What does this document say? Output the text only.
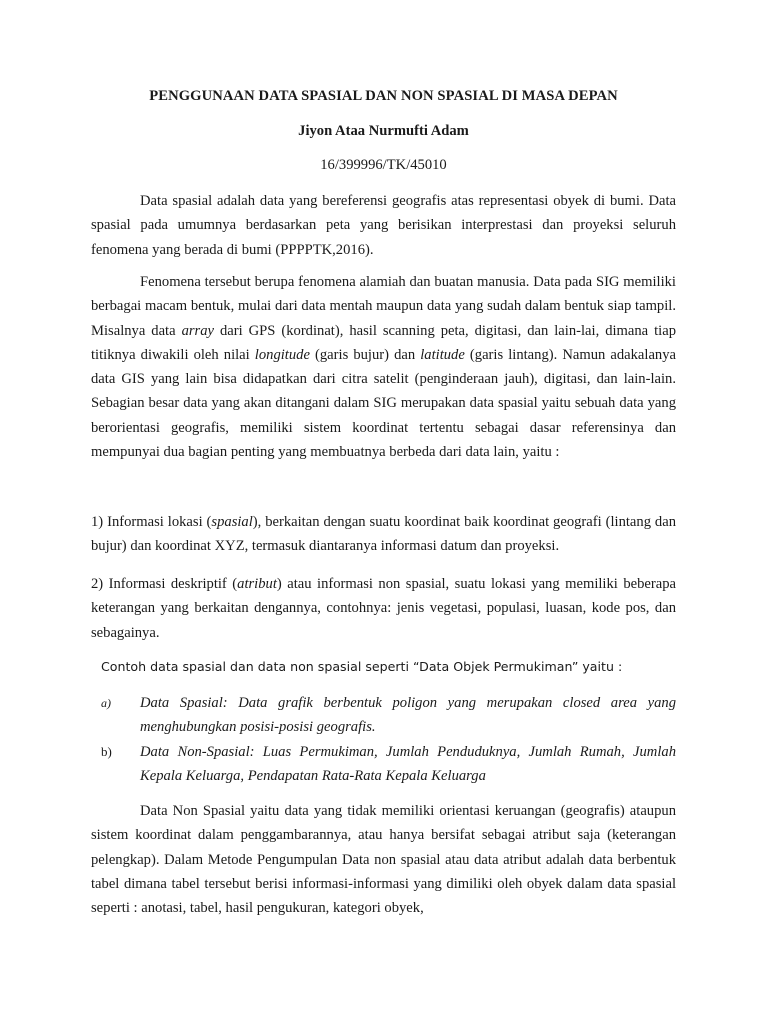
PENGGUNAAN DATA SPASIAL DAN NON SPASIAL DI MASA DEPAN
Jiyon Ataa Nurmufti Adam
16/399996/TK/45010

Data spasial adalah data yang bereferensi geografis atas representasi obyek di bumi. Data spasial pada umumnya berdasarkan peta yang berisikan interprestasi dan proyeksi seluruh fenomena yang berada di bumi (PPPPTK,2016).

Fenomena tersebut berupa fenomena alamiah dan buatan manusia. Data pada SIG memiliki berbagai macam bentuk, mulai dari data mentah maupun data yang sudah dalam bentuk siap tampil. Misalnya data array dari GPS (kordinat), hasil scanning peta, digitasi, dan lain-lai, dimana tiap titiknya diwakili oleh nilai longitude (garis bujur) dan latitude (garis lintang). Namun adakalanya data GIS yang lain bisa didapatkan dari citra satelit (penginderaan jauh), digitasi, dan lain-lain. Sebagian besar data yang akan ditangani dalam SIG merupakan data spasial yaitu sebuah data yang berorientasi geografis, memiliki sistem koordinat tertentu sebagai dasar referensinya dan mempunyai dua bagian penting yang membuatnya berbeda dari data lain, yaitu :

1) Informasi lokasi (spasial), berkaitan dengan suatu koordinat baik koordinat geografi (lintang dan bujur) dan koordinat XYZ, termasuk diantaranya informasi datum dan proyeksi.

2) Informasi deskriptif (atribut) atau informasi non spasial, suatu lokasi yang memiliki beberapa keterangan yang berkaitan dengannya, contohnya: jenis vegetasi, populasi, luasan, kode pos, dan sebagainya.

Contoh data spasial dan data non spasial seperti “Data Objek Permukiman” yaitu :

a)	Data Spasial: Data grafik berbentuk poligon yang merupakan closed area yang menghubungkan posisi-posisi geografis.
b)	Data Non-Spasial: Luas Permukiman, Jumlah Penduduknya, Jumlah Rumah, Jumlah Kepala Keluarga, Pendapatan Rata-Rata Kepala Keluarga

Data Non Spasial yaitu data yang tidak memiliki orientasi keruangan (geografis) ataupun sistem koordinat dalam penggambarannya, atau hanya bersifat sebagai atribut saja (keterangan pelengkap). Dalam Metode Pengumpulan Data non spasial atau data atribut adalah data berbentuk tabel dimana tabel tersebut berisi informasi-informasi yang dimiliki oleh obyek dalam data spasial seperti : anotasi, tabel, hasil pengukuran, kategori obyek,
